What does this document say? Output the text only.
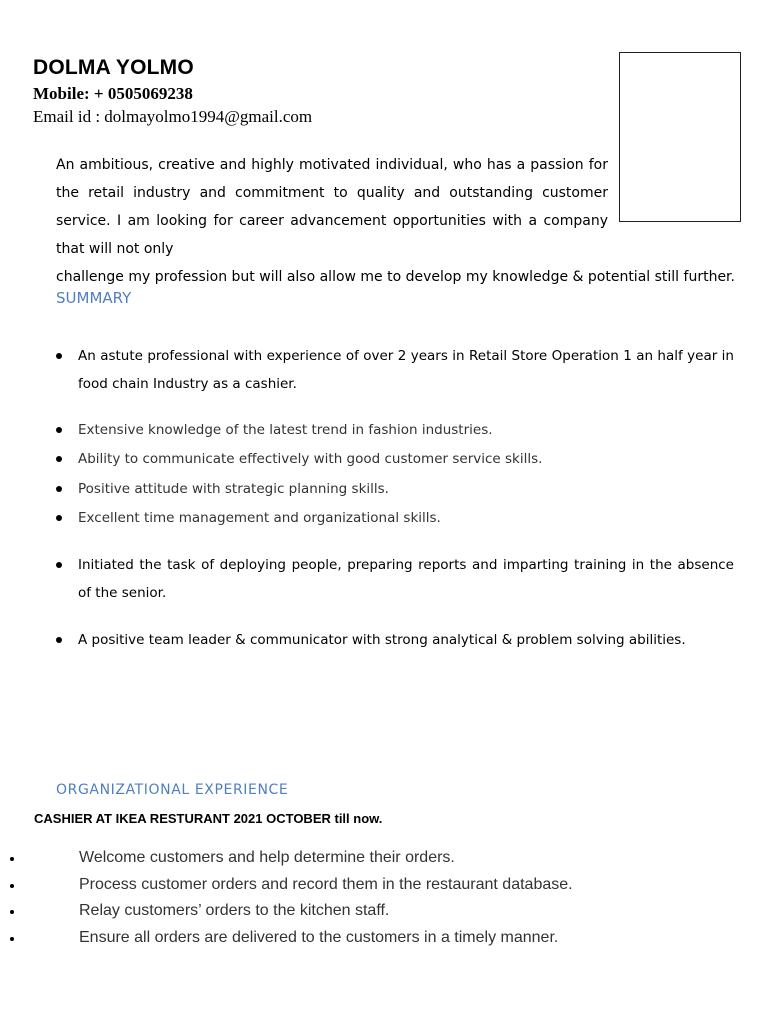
DOLMA YOLMO
Mobile: + 0505069238
Email id : dolmayolmo1994@gmail.com

An ambitious, creative and highly motivated individual, who has a passion for the retail industry and commitment to quality and outstanding customer service. I am looking for career advancement opportunities with a company that will not only
challenge my profession but will also allow me to develop my knowledge & potential still further.

SUMMARY
An astute professional with experience of over 2 years in Retail Store Operation 1 an half year in food chain Industry as a cashier.
Extensive knowledge of the latest trend in fashion industries.
Ability to communicate effectively with good customer service skills.
Positive attitude with strategic planning skills.
Excellent time management and organizational skills.
Initiated the task of deploying people, preparing reports and imparting training in the absence of the senior.
A positive team leader & communicator with strong analytical & problem solving abilities.
ORGANIZATIONAL EXPERIENCE

CASHIER AT IKEA RESTURANT 2021 OCTOBER till now.

Welcome customers and help determine their orders.
Process customer orders and record them in the restaurant database.
Relay customers’ orders to the kitchen staff.
Ensure all orders are delivered to the customers in a timely manner.
